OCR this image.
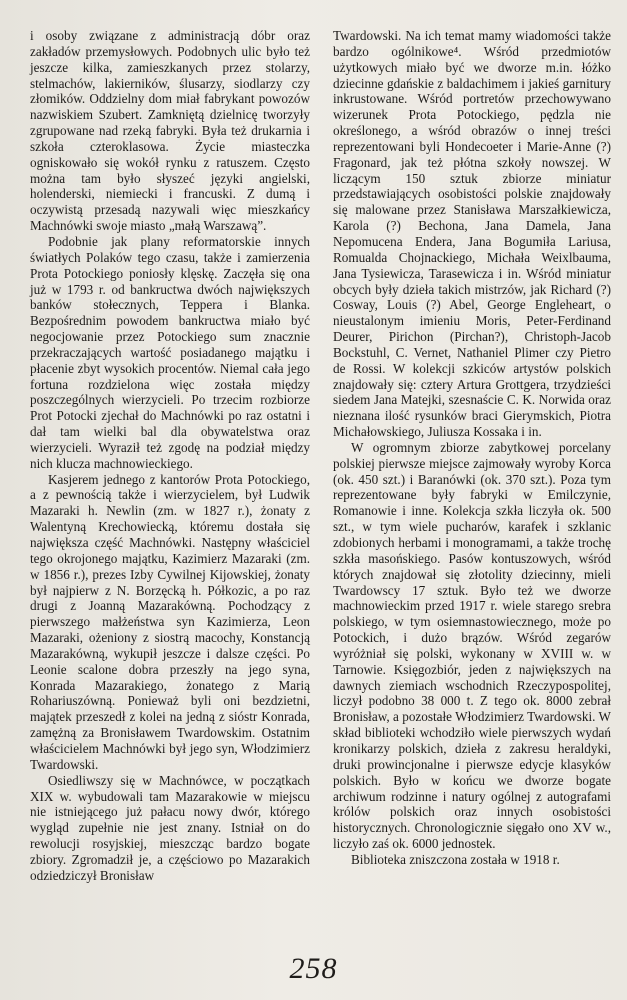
i osoby związane z administracją dóbr oraz zakładów przemysłowych. Podobnych ulic było też jeszcze kilka, zamieszkanych przez stolarzy, stelmachów, lakierników, ślusarzy, siodlarzy czy złomików. Oddzielny dom miał fabrykant powozów nazwiskiem Szubert. Zamkniętą dzielnicę tworzyły zgrupowane nad rzeką fabryki. Była też drukarnia i szkoła czteroklasowa. Życie miasteczka ogniskowało się wokół rynku z ratuszem. Często można tam było słyszeć języki angielski, holenderski, niemiecki i francuski. Z dumą i oczywistą przesadą nazywali więc mieszkańcy Machnówki swoje miasto „małą Warszawą”.

Podobnie jak plany reformatorskie innych światłych Polaków tego czasu, także i zamierzenia Prota Potockiego poniosły klęskę. Zaczęła się ona już w 1793 r. od bankructwa dwóch największych banków stołecznych, Teppera i Blanka. Bezpośrednim powodem bankructwa miało być negocjowanie przez Potockiego sum znacznie przekraczających wartość posiadanego majątku i płacenie zbyt wysokich procentów. Niemal cała jego fortuna rozdzielona więc została między poszczególnych wierzycieli. Po trzecim rozbiorze Prot Potocki zjechał do Machnówki po raz ostatni i dał tam wielki bal dla obywatelstwa oraz wierzycieli. Wyraził też zgodę na podział między nich klucza machnowieckiego.

Kasjerem jednego z kantorów Prota Potockiego, a z pewnością także i wierzycielem, był Ludwik Mazaraki h. Newlin (zm. w 1827 r.), żonaty z Walentyną Krechowiecką, któremu dostała się największa część Machnówki. Następny właściciel tego okrojonego majątku, Kazimierz Mazaraki (zm. w 1856 r.), prezes Izby Cywilnej Kijowskiej, żonaty był najpierw z N. Borzęcką h. Półkozic, a po raz drugi z Joanną Mazarakówną. Pochodzący z pierwszego małżeństwa syn Kazimierza, Leon Mazaraki, ożeniony z siostrą macochy, Konstancją Mazarakówną, wykupił jeszcze i dalsze części. Po Leonie scalone dobra przeszły na jego syna, Konrada Mazarakiego, żonatego z Marią Rohariuszówną. Ponieważ byli oni bezdzietni, majątek przeszedł z kolei na jedną z sióstr Konrada, zamężną za Bronisławem Twardowskim. Ostatnim właścicielem Machnówki był jego syn, Włodzimierz Twardowski.

Osiedliwszy się w Machnówce, w początkach XIX w. wybudowali tam Mazarakowie w miejscu nie istniejącego już pałacu nowy dwór, którego wygląd zupełnie nie jest znany. Istniał on do rewolucji rosyjskiej, mieszcząc bardzo bogate zbiory. Zgromadził je, a częściowo po Mazarakich odziedziczył Bronisław

Twardowski. Na ich temat mamy wiadomości także bardzo ogólnikowe⁴. Wśród przedmiotów użytkowych miało być we dworze m.in. łóżko dziecinne gdańskie z baldachimem i jakieś garnitury inkrustowane. Wśród portretów przechowywano wizerunek Prota Potockiego, pędzla nie określonego, a wśród obrazów o innej treści reprezentowani byli Hondecoeter i Marie-Anne (?) Fragonard, jak też płótna szkoły nowszej. W liczącym 150 sztuk zbiorze miniatur przedstawiających osobistości polskie znajdowały się malowane przez Stanisława Marszałkiewicza, Karola (?) Bechona, Jana Damela, Jana Nepomucena Endera, Jana Bogumiła Lariusa, Romualda Chojnackiego, Michała Weixlbauma, Jana Tysiewicza, Tarasewicza i in. Wśród miniatur obcych były dzieła takich mistrzów, jak Richard (?) Cosway, Louis (?) Abel, George Engleheart, o nieustalonym imieniu Moris, Peter-Ferdinand Deurer, Pirichon (Pirchan?), Christoph-Jacob Bockstuhl, C. Vernet, Nathaniel Plimer czy Pietro de Rossi. W kolekcji szkiców artystów polskich znajdowały się: cztery Artura Grottgera, trzydzieści siedem Jana Matejki, szesnaście C. K. Norwida oraz nieznana ilość rysunków braci Gierymskich, Piotra Michałowskiego, Juliusza Kossaka i in.

W ogromnym zbiorze zabytkowej porcelany polskiej pierwsze miejsce zajmowały wyroby Korca (ok. 450 szt.) i Baranówki (ok. 370 szt.). Poza tym reprezentowane były fabryki w Emilczynie, Romanowie i inne. Kolekcja szkła liczyła ok. 500 szt., w tym wiele pucharów, karafek i szklanic zdobionych herbami i monogramami, a także trochę szkła masońskiego. Pasów kontuszowych, wśród których znajdował się złotolity dziecinny, mieli Twardowscy 17 sztuk. Było też we dworze machnowieckim przed 1917 r. wiele starego srebra polskiego, w tym osiemnastowiecznego, może po Potockich, i dużo brązów. Wśród zegarów wyróżniał się polski, wykonany w XVIII w. w Tarnowie. Księgozbiór, jeden z największych na dawnych ziemiach wschodnich Rzeczypospolitej, liczył podobno 38 000 t. Z tego ok. 8000 zebrał Bronisław, a pozostałe Włodzimierz Twardowski. W skład biblioteki wchodziło wiele pierwszych wydań kronikarzy polskich, dzieła z zakresu heraldyki, druki prowincjonalne i pierwsze edycje klasyków polskich. Było w końcu we dworze bogate archiwum rodzinne i natury ogólnej z autografami królów polskich oraz innych osobistości historycznych. Chronologicznie sięgało ono XV w., liczyło zaś ok. 6000 jednostek.

Biblioteka zniszczona została w 1918 r.

258
